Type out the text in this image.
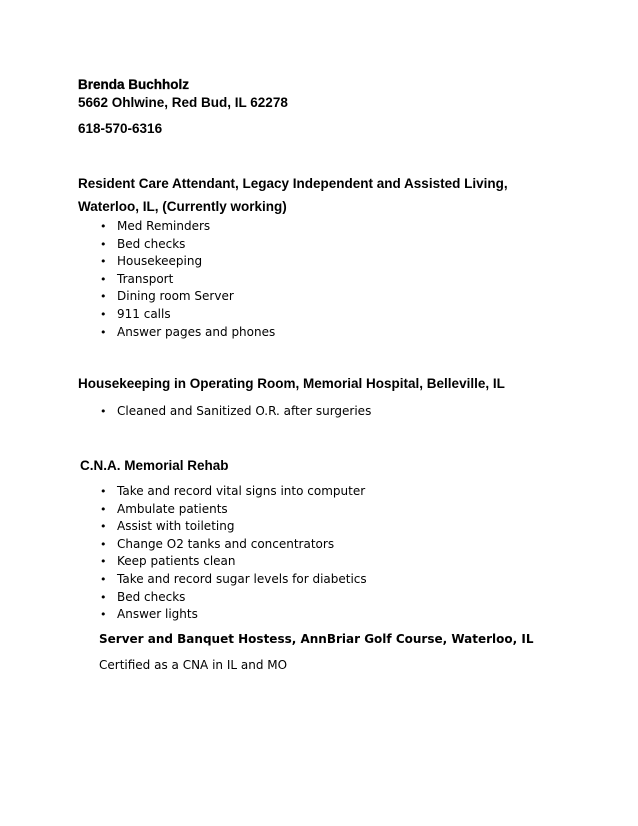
Brenda Buchholz
5662 Ohlwine, Red Bud, IL 62278
618-570-6316
Resident Care Attendant, Legacy Independent and Assisted Living, Waterloo, IL, (Currently working)
• Med Reminders
• Bed checks
• Housekeeping
• Transport
• Dining room Server
• 911 calls
• Answer pages and phones
Housekeeping in Operating Room, Memorial Hospital, Belleville, IL
• Cleaned and Sanitized O.R. after surgeries
C.N.A. Memorial Rehab
• Take and record vital signs into computer
• Ambulate patients
• Assist with toileting
• Change O2 tanks and concentrators
• Keep patients clean
• Take and record sugar levels for diabetics
• Bed checks
• Answer lights
Server and Banquet Hostess, AnnBriar Golf Course, Waterloo, IL
Certified as a CNA in IL and MO
